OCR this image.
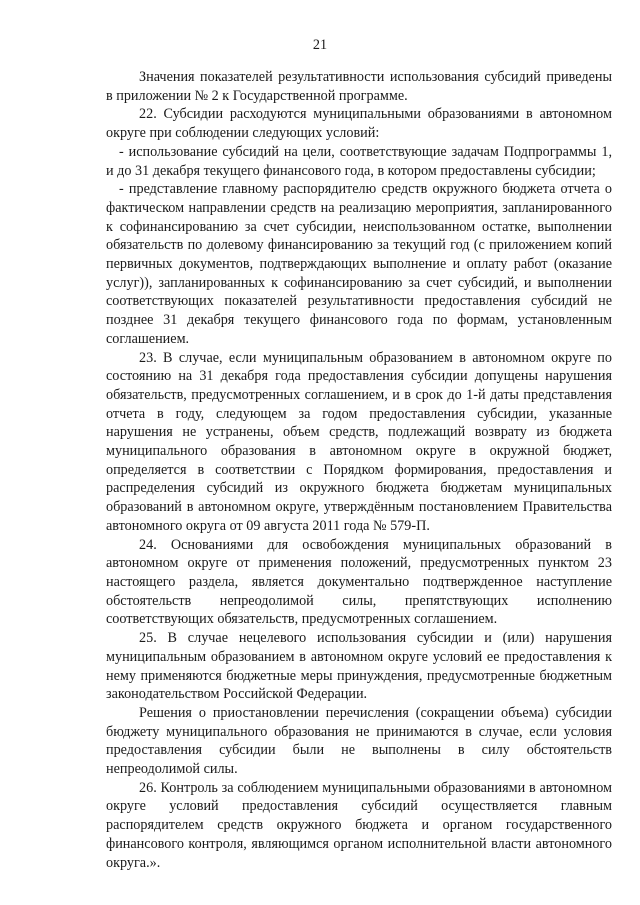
21

Значения показателей результативности использования субсидий приведены в приложении № 2 к Государственной программе.

22. Субсидии расходуются муниципальными образованиями в автономном округе при соблюдении следующих условий:

- использование субсидий на цели, соответствующие задачам Подпрограммы 1, и до 31 декабря текущего финансового года, в котором предоставлены субсидии;

- представление главному распорядителю средств окружного бюджета отчета о фактическом направлении средств на реализацию мероприятия, запланированного к софинансированию за счет субсидии, неиспользованном остатке, выполнении обязательств по долевому финансированию за текущий год (с приложением копий первичных документов, подтверждающих выполнение и оплату работ (оказание услуг)), запланированных к софинансированию за счет субсидий, и выполнении соответствующих показателей результативности предоставления субсидий не позднее 31 декабря текущего финансового года по формам, установленным соглашением.

23. В случае, если муниципальным образованием в автономном округе по состоянию на 31 декабря года предоставления субсидии допущены нарушения обязательств, предусмотренных соглашением, и в срок до 1-й даты представления отчета в году, следующем за годом предоставления субсидии, указанные нарушения не устранены, объем средств, подлежащий возврату из бюджета муниципального образования в автономном округе в окружной бюджет, определяется в соответствии с Порядком формирования, предоставления и распределения субсидий из окружного бюджета бюджетам муниципальных образований в автономном округе, утверждённым постановлением Правительства автономного округа от 09 августа 2011 года № 579-П.

24. Основаниями для освобождения муниципальных образований в автономном округе от применения положений, предусмотренных пунктом 23 настоящего раздела, является документально подтвержденное наступление обстоятельств непреодолимой силы, препятствующих исполнению соответствующих обязательств, предусмотренных соглашением.

25. В случае нецелевого использования субсидии и (или) нарушения муниципальным образованием в автономном округе условий ее предоставления к нему применяются бюджетные меры принуждения, предусмотренные бюджетным законодательством Российской Федерации.

Решения о приостановлении перечисления (сокращении объема) субсидии бюджету муниципального образования не принимаются в случае, если условия предоставления субсидии были не выполнены в силу обстоятельств непреодолимой силы.

26. Контроль за соблюдением муниципальными образованиями в автономном округе условий предоставления субсидий осуществляется главным распорядителем средств окружного бюджета и органом государственного финансового контроля, являющимся органом исполнительной власти автономного округа.».
